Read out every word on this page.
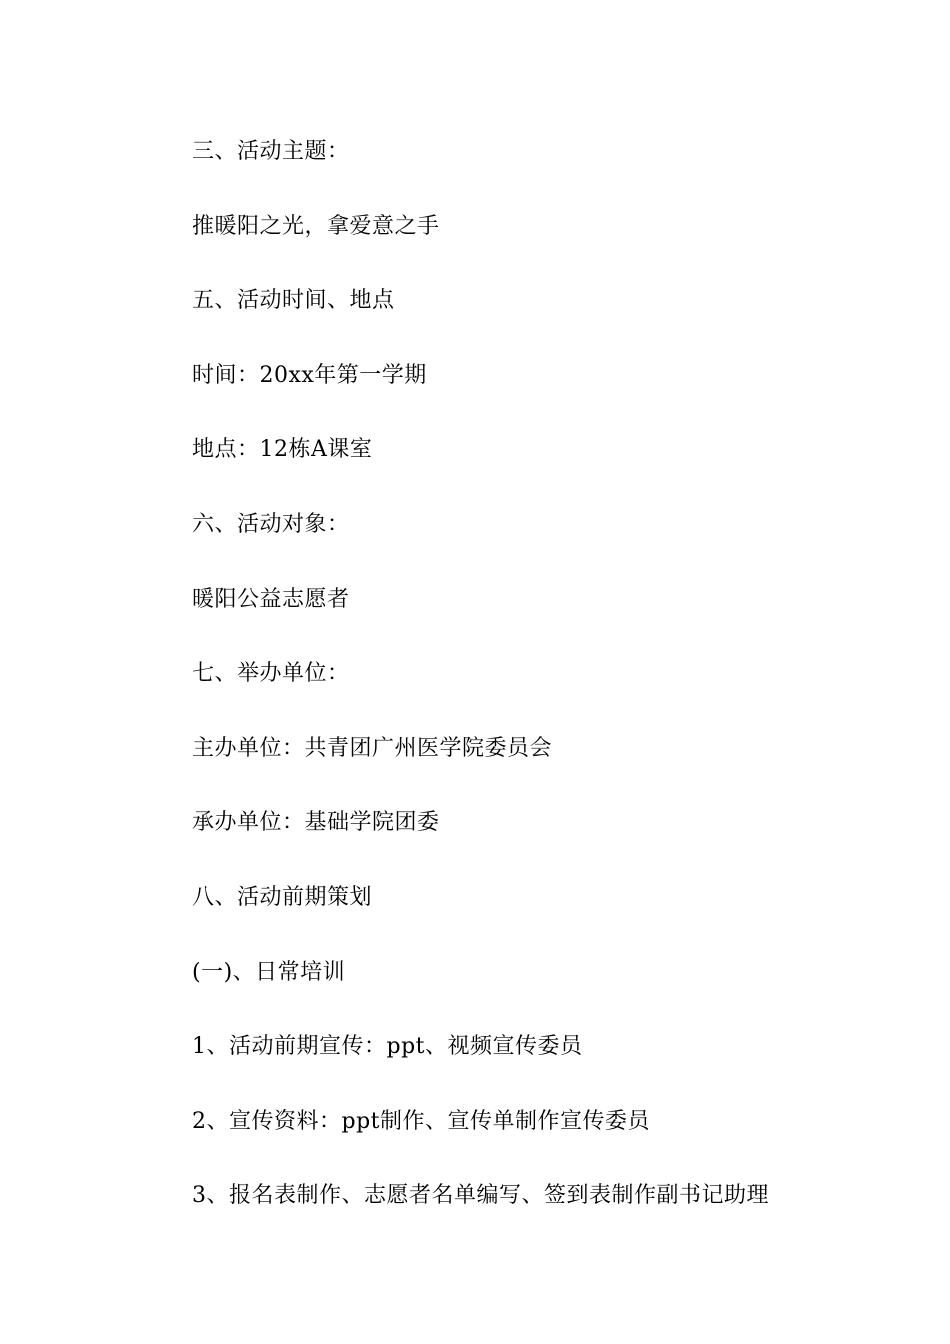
三、活动主题：

推暖阳之光，拿爱意之手

五、活动时间、地点

时间：20xx年第一学期

地点：12栋A课室

六、活动对象：

暖阳公益志愿者

七、举办单位：

主办单位：共青团广州医学院委员会

承办单位：基础学院团委

八、活动前期策划

(一)、日常培训

1、活动前期宣传：ppt、视频宣传委员

2、宣传资料：ppt制作、宣传单制作宣传委员

3、报名表制作、志愿者名单编写、签到表制作副书记助理
